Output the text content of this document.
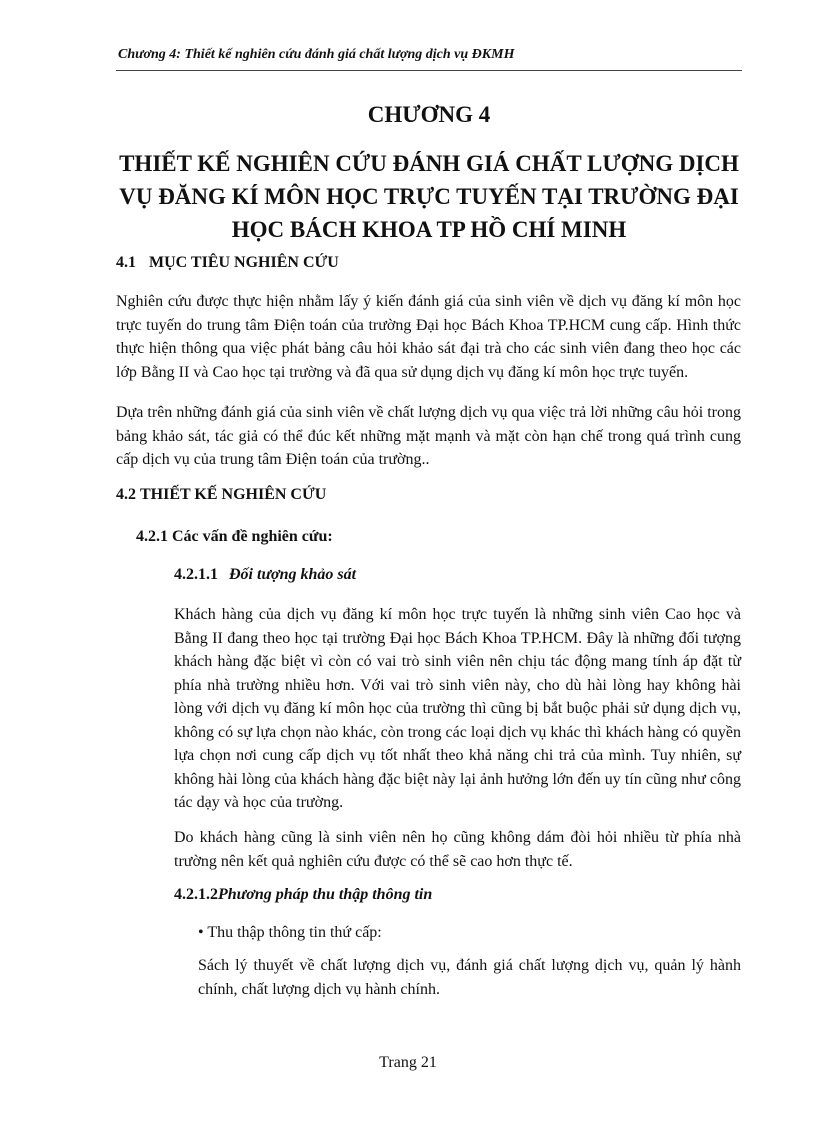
Chương 4: Thiết kế nghiên cứu đánh giá chất lượng dịch vụ ĐKMH
CHƯƠNG 4
THIẾT KẾ NGHIÊN CỨU ĐÁNH GIÁ CHẤT LƯỢNG DỊCH VỤ ĐĂNG KÍ MÔN HỌC TRỰC TUYẾN TẠI TRƯỜNG ĐẠI HỌC BÁCH KHOA TP HỒ CHÍ MINH
4.1 MỤC TIÊU NGHIÊN CỨU

Nghiên cứu được thực hiện nhằm lấy ý kiến đánh giá của sinh viên về dịch vụ đăng kí môn học trực tuyến do trung tâm Điện toán của trường Đại học Bách Khoa TP.HCM cung cấp. Hình thức thực hiện thông qua việc phát bảng câu hỏi khảo sát đại trà cho các sinh viên đang theo học các lớp Bằng II và Cao học tại trường và đã qua sử dụng dịch vụ đăng kí môn học trực tuyến.

Dựa trên những đánh giá của sinh viên về chất lượng dịch vụ qua việc trả lời những câu hỏi trong bảng khảo sát, tác giả có thể đúc kết những mặt mạnh và mặt còn hạn chế trong quá trình cung cấp dịch vụ của trung tâm Điện toán của trường..

4.2 THIẾT KẾ NGHIÊN CỨU
4.2.1 Các vấn đề nghiên cứu:
4.2.1.1 Đối tượng khảo sát

Khách hàng của dịch vụ đăng kí môn học trực tuyến là những sinh viên Cao học và Bằng II đang theo học tại trường Đại học Bách Khoa TP.HCM. Đây là những đối tượng khách hàng đặc biệt vì còn có vai trò sinh viên nên chịu tác động mang tính áp đặt từ phía nhà trường nhiều hơn. Với vai trò sinh viên này, cho dù hài lòng hay không hài lòng với dịch vụ đăng kí môn học của trường thì cũng bị bắt buộc phải sử dụng dịch vụ, không có sự lựa chọn nào khác, còn trong các loại dịch vụ khác thì khách hàng có quyền lựa chọn nơi cung cấp dịch vụ tốt nhất theo khả năng chi trả của mình. Tuy nhiên, sự không hài lòng của khách hàng đặc biệt này lại ảnh hưởng lớn đến uy tín cũng như công tác dạy và học của trường.

Do khách hàng cũng là sinh viên nên họ cũng không dám đòi hỏi nhiều từ phía nhà trường nên kết quả nghiên cứu được có thể sẽ cao hơn thực tế.

4.2.1.2Phương pháp thu thập thông tin
• Thu thập thông tin thứ cấp:

Sách lý thuyết về chất lượng dịch vụ, đánh giá chất lượng dịch vụ, quản lý hành chính, chất lượng dịch vụ hành chính.

Trang 21
